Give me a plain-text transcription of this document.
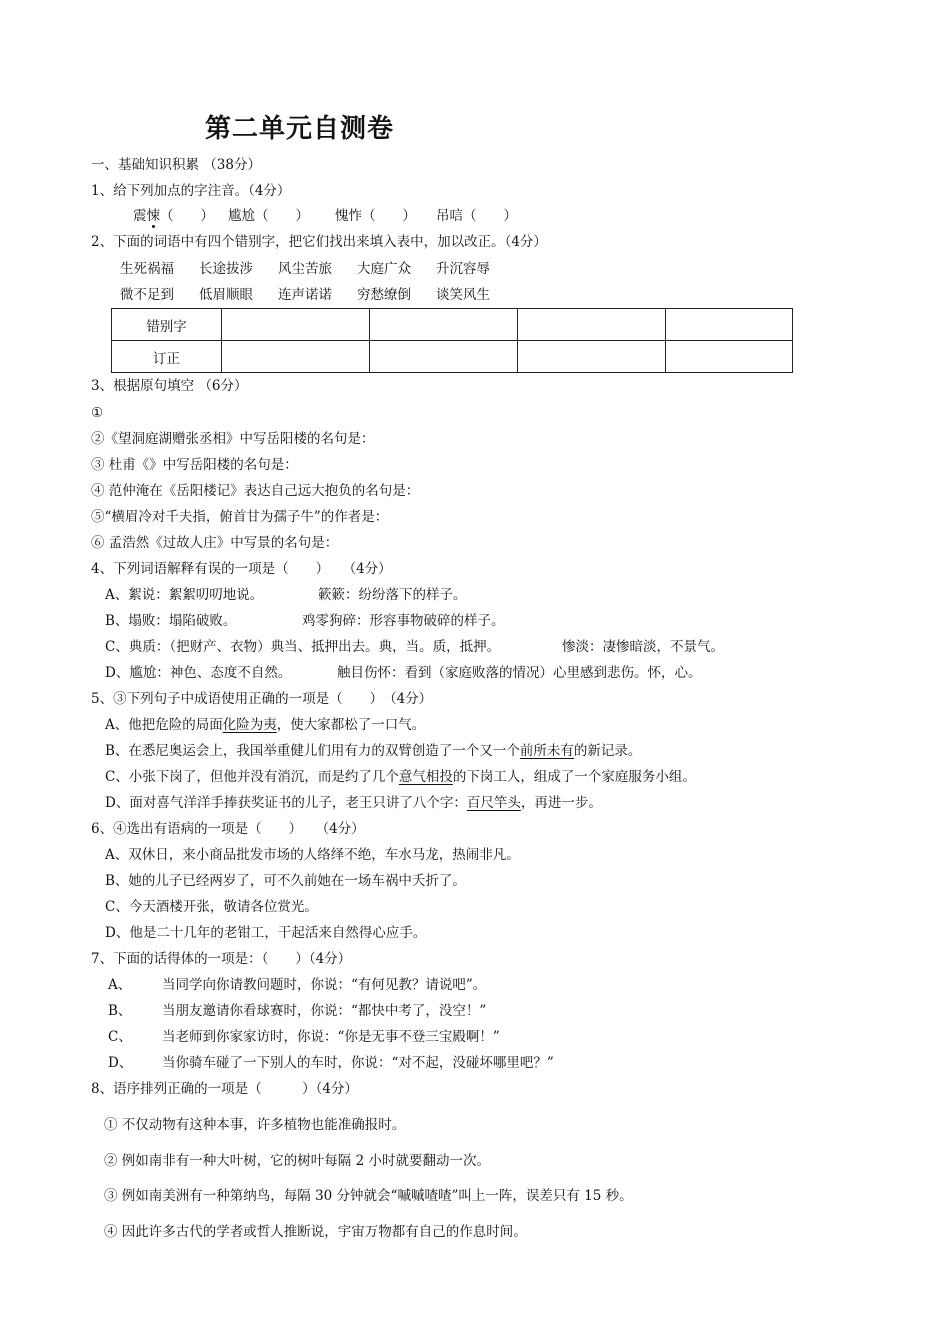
第二单元自测卷
一、基础知识积累 （38分）
1、给下列加点的字注音。（4分）
震悚（　　） 尴尬（　　） 愧怍（　　） 吊唁（　　）
2、下面的词语中有四个错别字，把它们找出来填入表中，加以改正。（4分）
生死祸福 长途拔涉 风尘苦旅 大庭广众 升沉容辱
微不足到 低眉顺眼 连声诺诺 穷愁缭倒 谈笑风生
错别字				
订正				
3、根据原句填空 （6分）
①
②《望洞庭湖赠张丞相》中写岳阳楼的名句是：
③ 杜甫《》中写岳阳楼的名句是：
④ 范仲淹在《岳阳楼记》表达自己远大抱负的名句是：
⑤“横眉冷对千夫指，俯首甘为孺子牛”的作者是：
⑥ 孟浩然《过故人庄》中写景的名句是：
4、下列词语解释有误的一项是（　　）　　（4分）
A、絮说：絮絮叨叨地说。	簌簌：纷纷落下的样子。
B、塌败：塌陷破败。	鸡零狗碎：形容事物破碎的样子。
C、典质：（把财产、衣物）典当、抵押出去。典，当。质，抵押。	惨淡：凄惨暗淡，不景气。
D、尴尬：神色、态度不自然。	触目伤怀：看到（家庭败落的情况）心里感到悲伤。怀，心。
5、③下列句子中成语使用正确的一项是（　　）　（4分）
A、他把危险的局面化险为夷，使大家都松了一口气。
B、在悉尼奥运会上，我国举重健儿们用有力的双臂创造了一个又一个前所未有的新记录。
C、小张下岗了，但他并没有消沉，而是约了几个意气相投的下岗工人，组成了一个家庭服务小组。
D、面对喜气洋洋手捧获奖证书的儿子，老王只讲了八个字：百尺竿头，再进一步。
6、④选出有语病的一项是（　　）　　（4分）
A、双休日，来小商品批发市场的人络绎不绝，车水马龙，热闹非凡。
B、她的儿子已经两岁了，可不久前她在一场车祸中夭折了。
C、今天酒楼开张，敬请各位赏光。
D、他是二十几年的老钳工，干起活来自然得心应手。
7、下面的话得体的一项是：（　　）（4分）
A、 当同学向你请教问题时，你说：“有何见教？请说吧”。
B、 当朋友邀请你看球赛时，你说：“都快中考了，没空！”
C、 当老师到你家家访时，你说：“你是无事不登三宝殿啊！”
D、 当你骑车碰了一下别人的车时，你说：“对不起，没碰坏哪里吧？”
8、语序排列正确的一项是（　　　）（4分）
① 不仅动物有这种本事，许多植物也能准确报时。
② 例如南非有一种大叶树，它的树叶每隔 2 小时就要翻动一次。
③ 例如南美洲有一种第纳鸟，每隔 30 分钟就会“嘁嘁喳喳”叫上一阵，误差只有 15 秒。
④ 因此许多古代的学者或哲人推断说，宇宙万物都有自己的作息时间。
